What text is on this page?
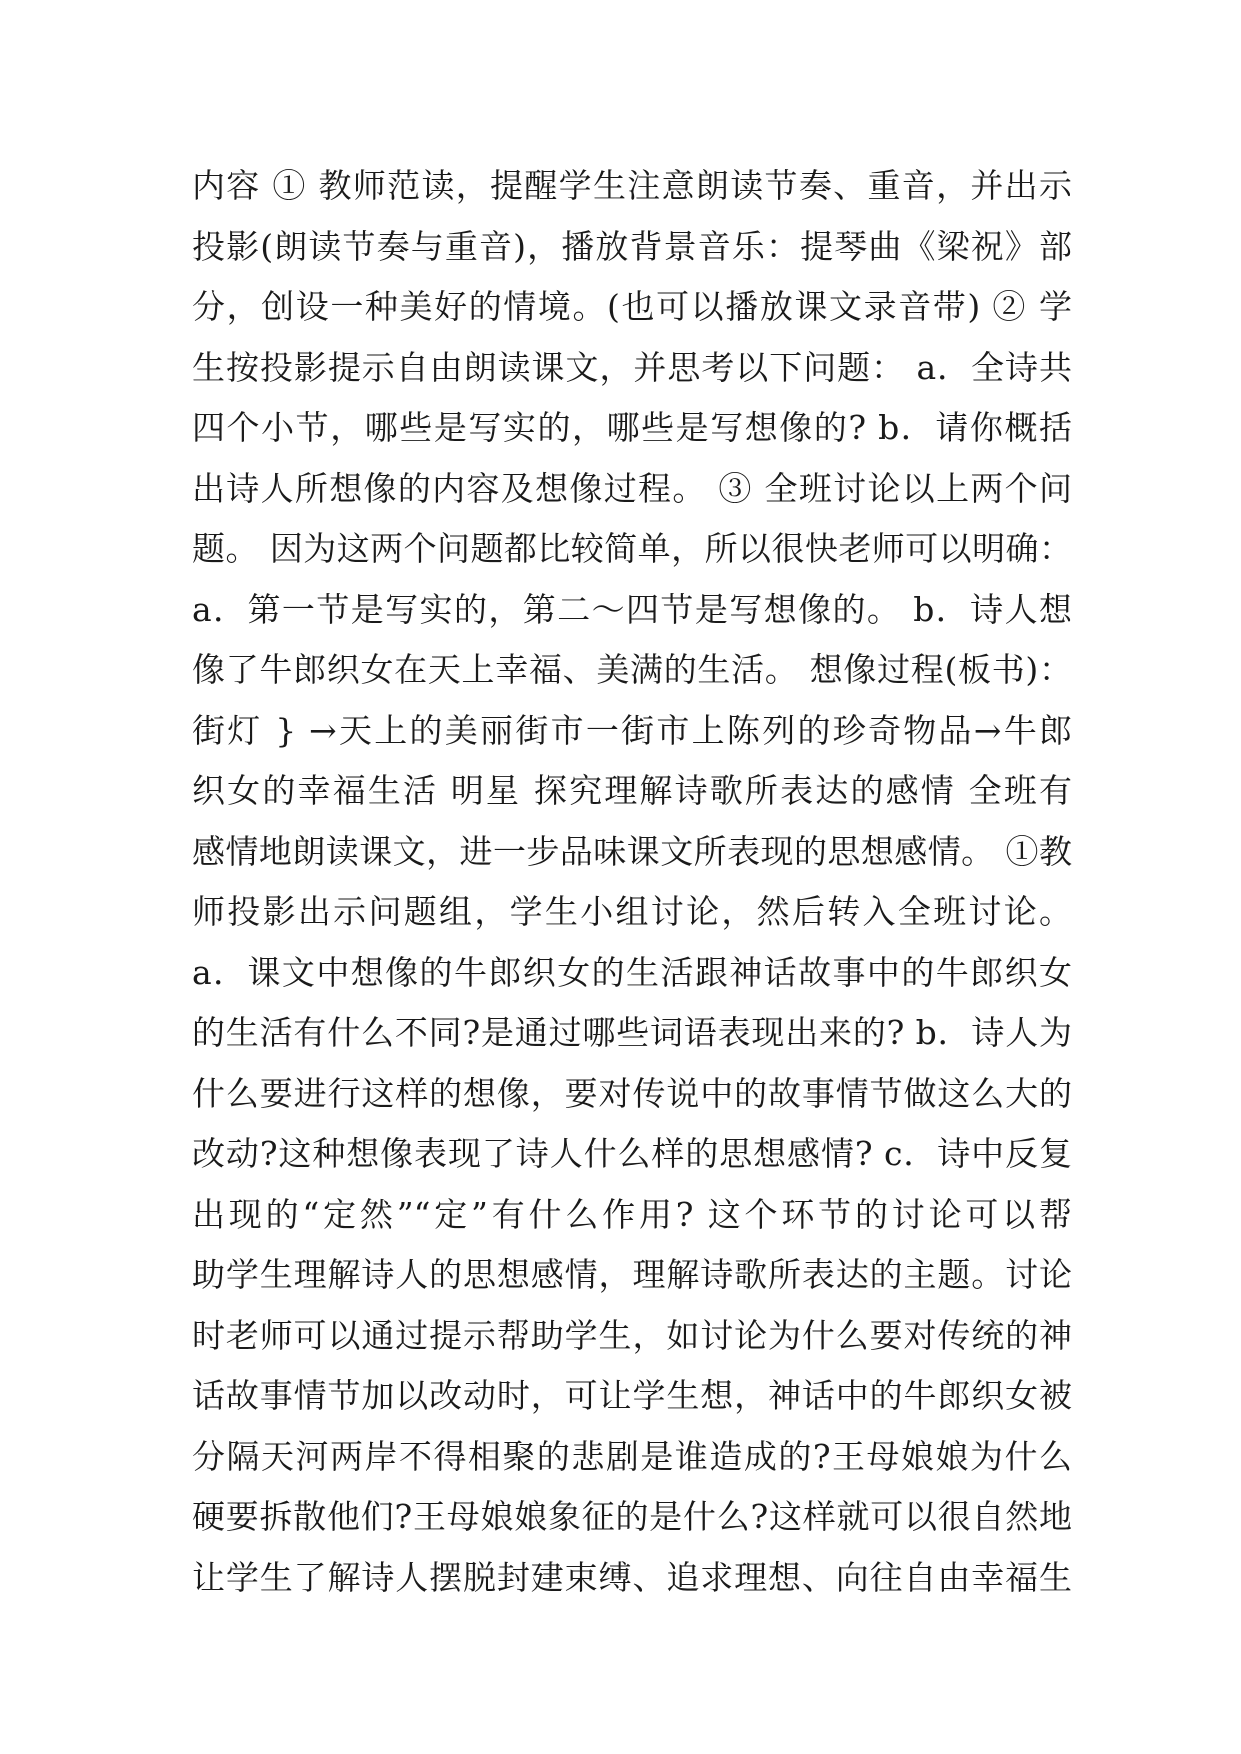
内容 ① 教师范读，提醒学生注意朗读节奏、重音，并出示
投影(朗读节奏与重音)，播放背景音乐：提琴曲《梁祝》部
分，创设一种美好的情境。(也可以播放课文录音带) ② 学
生按投影提示自由朗读课文，并思考以下问题： a．全诗共
四个小节，哪些是写实的，哪些是写想像的? b．请你概括
出诗人所想像的内容及想像过程。 ③ 全班讨论以上两个问
题。 因为这两个问题都比较简单，所以很快老师可以明确：
a．第一节是写实的，第二～四节是写想像的。 b．诗人想
像了牛郎织女在天上幸福、美满的生活。 想像过程(板书)：
街灯 } →天上的美丽街市一街市上陈列的珍奇物品→牛郎
织女的幸福生活 明星 探究理解诗歌所表达的感情 全班有
感情地朗读课文，进一步品味课文所表现的思想感情。 ①教
师投影出示问题组，学生小组讨论，然后转入全班讨论。
a．课文中想像的牛郎织女的生活跟神话故事中的牛郎织女
的生活有什么不同?是通过哪些词语表现出来的? b．诗人为
什么要进行这样的想像，要对传说中的故事情节做这么大的
改动?这种想像表现了诗人什么样的思想感情? c．诗中反复
出现的“定然”“定”有什么作用? 这个环节的讨论可以帮
助学生理解诗人的思想感情，理解诗歌所表达的主题。讨论
时老师可以通过提示帮助学生，如讨论为什么要对传统的神
话故事情节加以改动时，可让学生想，神话中的牛郎织女被
分隔天河两岸不得相聚的悲剧是谁造成的?王母娘娘为什么
硬要拆散他们?王母娘娘象征的是什么?这样就可以很自然地
让学生了解诗人摆脱封建束缚、追求理想、向往自由幸福生
